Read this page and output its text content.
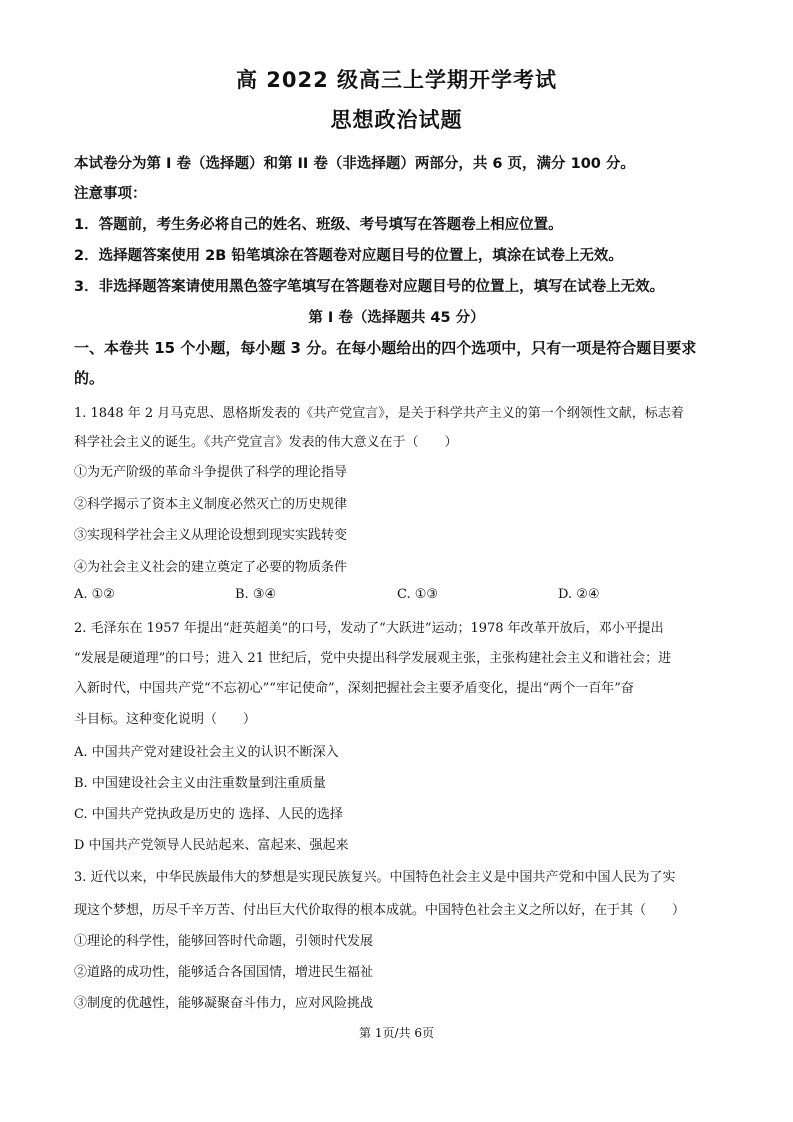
高 2022 级高三上学期开学考试
思想政治试题
本试卷分为第 I 卷（选择题）和第 II 卷（非选择题）两部分，共 6 页，满分 100 分。
注意事项：
1．答题前，考生务必将自己的姓名、班级、考号填写在答题卷上相应位置。
2．选择题答案使用 2B 铅笔填涂在答题卷对应题目号的位置上，填涂在试卷上无效。
3．非选择题答案请使用黑色签字笔填写在答题卷对应题目号的位置上，填写在试卷上无效。
第 I 卷（选择题共 45 分）
一、本卷共 15 个小题，每小题 3 分。在每小题给出的四个选项中，只有一项是符合题目要求
的。
1. 1848 年 2 月马克思、恩格斯发表的《共产党宣言》，是关于科学共产主义的第一个纲领性文献，标志着
科学社会主义的诞生。《共产党宣言》发表的伟大意义在于（　　）
①为无产阶级的革命斗争提供了科学的理论指导
②科学揭示了资本主义制度必然灭亡的历史规律
③实现科学社会主义从理论设想到现实实践转变
④为社会主义社会的建立奠定了必要的物质条件
A. ①②	B. ③④	C. ①③	D. ②④
2. 毛泽东在 1957 年提出“赶英超美”的口号，发动了“大跃进”运动；1978 年改革开放后，邓小平提出
“发展是硬道理”的口号；进入 21 世纪后，党中央提出科学发展观主张，主张构建社会主义和谐社会；进
入新时代，中国共产党“不忘初心”“牢记使命”，深刻把握社会主要矛盾变化，提出“两个一百年”奋
斗目标。这种变化说明（　　）
A. 中国共产党对建设社会主义的认识不断深入
B. 中国建设社会主义由注重数量到注重质量
C. 中国共产党执政是历史的 选择、人民的选择
D 中国共产党领导人民站起来、富起来、强起来
3. 近代以来，中华民族最伟大的梦想是实现民族复兴。中国特色社会主义是中国共产党和中国人民为了实
现这个梦想，历尽千辛万苦、付出巨大代价取得的根本成就。中国特色社会主义之所以好，在于其（　　）
①理论的科学性，能够回答时代命题，引领时代发展
②道路的成功性，能够适合各国国情，增进民生福祉
③制度的优越性，能够凝聚奋斗伟力，应对风险挑战
第 1页/共 6页
